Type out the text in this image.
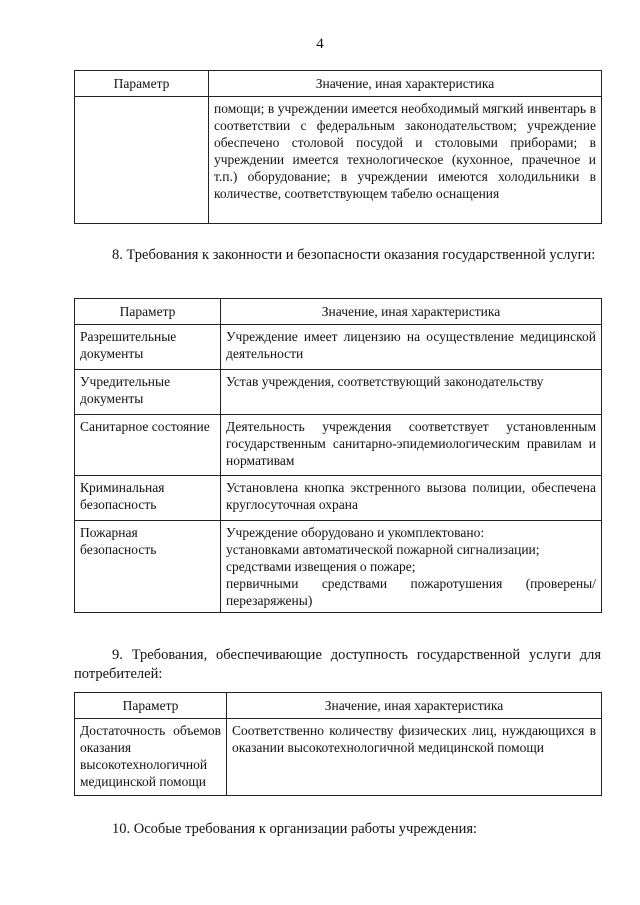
4
Параметр	Значение, иная характеристика
	помощи; в учреждении имеется необходимый мягкий инвентарь в соответствии с федеральным законодательством; учреждение обеспечено столовой посудой и столовыми приборами; в учреждении имеется технологическое (кухонное, прачечное и т.п.) оборудование; в учреждении имеются холодильники в количестве, соответствующем табелю оснащения
8. Требования к законности и безопасности оказания государственной услуги:
Параметр	Значение, иная характеристика
Разрешительные документы	Учреждение имеет лицензию на осуществление медицинской деятельности
Учредительные документы	Устав учреждения, соответствующий законодательству
Санитарное состояние	Деятельность учреждения соответствует установленным государственным санитарно-эпидемиологическим правилам и нормативам
Криминальная безопасность	Установлена кнопка экстренного вызова полиции, обеспечена круглосуточная охрана
Пожарная безопасность	Учреждение оборудовано и укомплектовано:
установками автоматической пожарной сигнализации;
средствами извещения о пожаре;
первичными средствами пожаротушения (проверены/перезаряжены)
9. Требования, обеспечивающие доступность государственной услуги для потребителей:
Параметр	Значение, иная характеристика
Достаточность объемов оказания высокотехнологичной медицинской помощи	Соответственно количеству физических лиц, нуждающихся в оказании высокотехнологичной медицинской помощи
10. Особые требования к организации работы учреждения:
